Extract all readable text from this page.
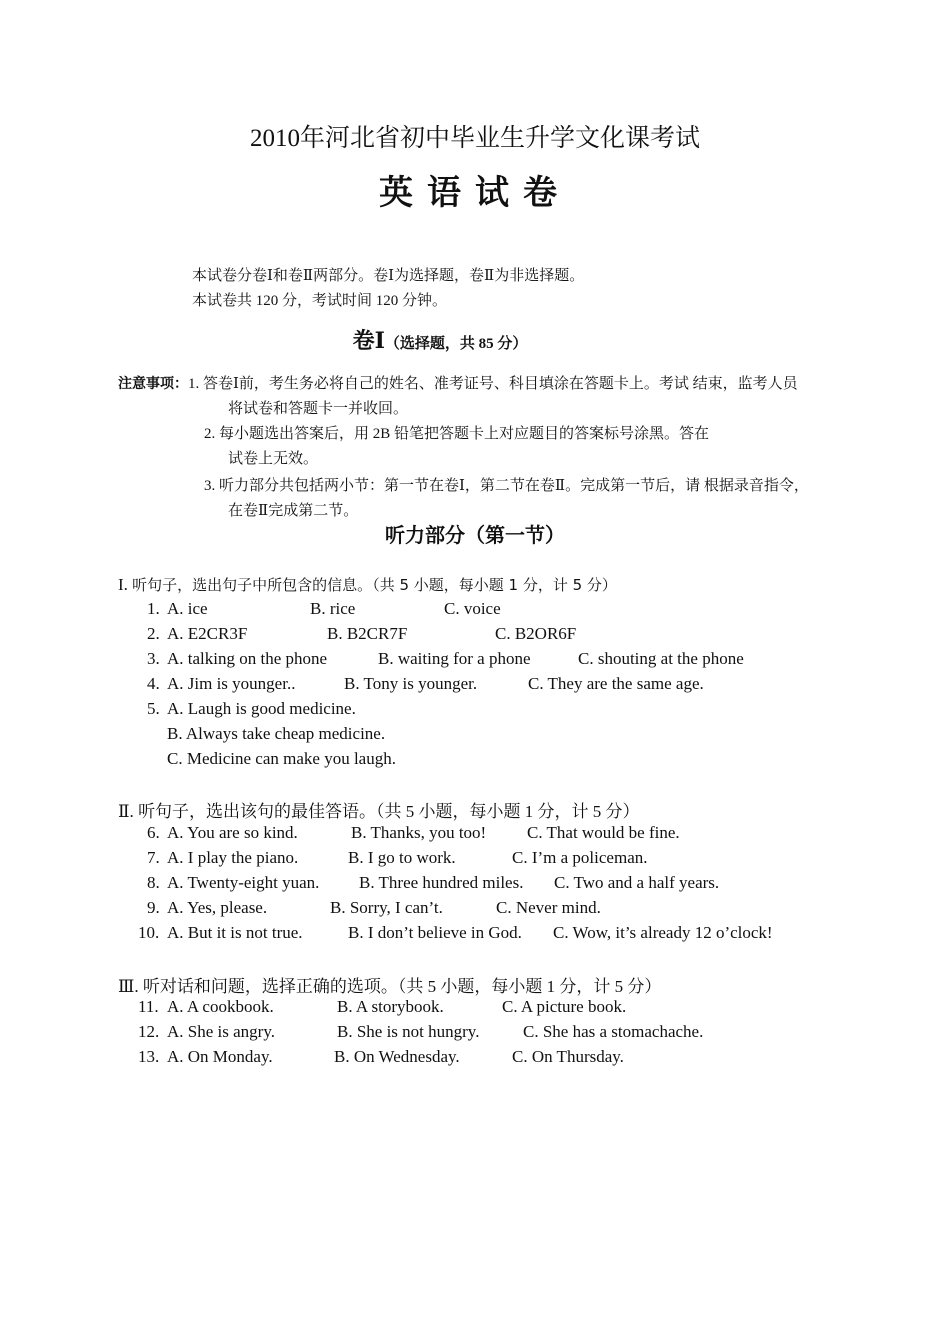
2010年河北省初中毕业生升学文化课考试
英语试卷
本试卷分卷Ⅰ和卷Ⅱ两部分。卷Ⅰ为选择题，卷Ⅱ为非选择题。
本试卷共 120 分，考试时间 120 分钟。
卷Ⅰ（选择题，共 85 分）
注意事项：1. 答卷Ⅰ前，考生务必将自己的姓名、准考证号、科目填涂在答题卡上。考试 结束，监考人员
将试卷和答题卡一并收回。
2. 每小题选出答案后，用 2B 铅笔把答题卡上对应题目的答案标号涂黑。答在
试卷上无效。
3. 听力部分共包括两小节：第一节在卷Ⅰ，第二节在卷Ⅱ。完成第一节后，请 根据录音指令，
在卷Ⅱ完成第二节。
听力部分（第一节）
I. 听句子，选出句子中所包含的信息。（共 5 小题，每小题 1 分，计 5 分）
1. A. ice	B. rice	C. voice
2. A. E2CR3F	B. B2CR7F	C. B2OR6F
3. A. talking on the phone	B. waiting for a phone	C. shouting at the phone
4. A. Jim is younger..	B. Tony is younger.	C. They are the same age.
5. A. Laugh is good medicine.
B. Always take cheap medicine.
C. Medicine can make you laugh.
Ⅱ. 听句子，选出该句的最佳答语。（共 5 小题，每小题 1 分，计 5 分）
6. A. You are so kind.	B. Thanks, you too! C. That would be fine.
7. A. I play the piano.	B. I go to work.	C. I’m a policeman.
8. A. Twenty-eight yuan. B. Three hundred miles. C. Two and a half years.
9. A. Yes, please.	B. Sorry, I can’t.	C. Never mind.
10. A. But it is not true.	B. I don’t believe in God. C. Wow, it’s already 12 o’clock!
Ⅲ. 听对话和问题，选择正确的选项。（共 5 小题，每小题 1 分，计 5 分）
11. A. A cookbook.	B. A storybook.	C. A picture book.
12. A. She is angry.	B. She is not hungry.	C. She has a stomachache.
13. A. On Monday.	B. On Wednesday.	C. On Thursday.
